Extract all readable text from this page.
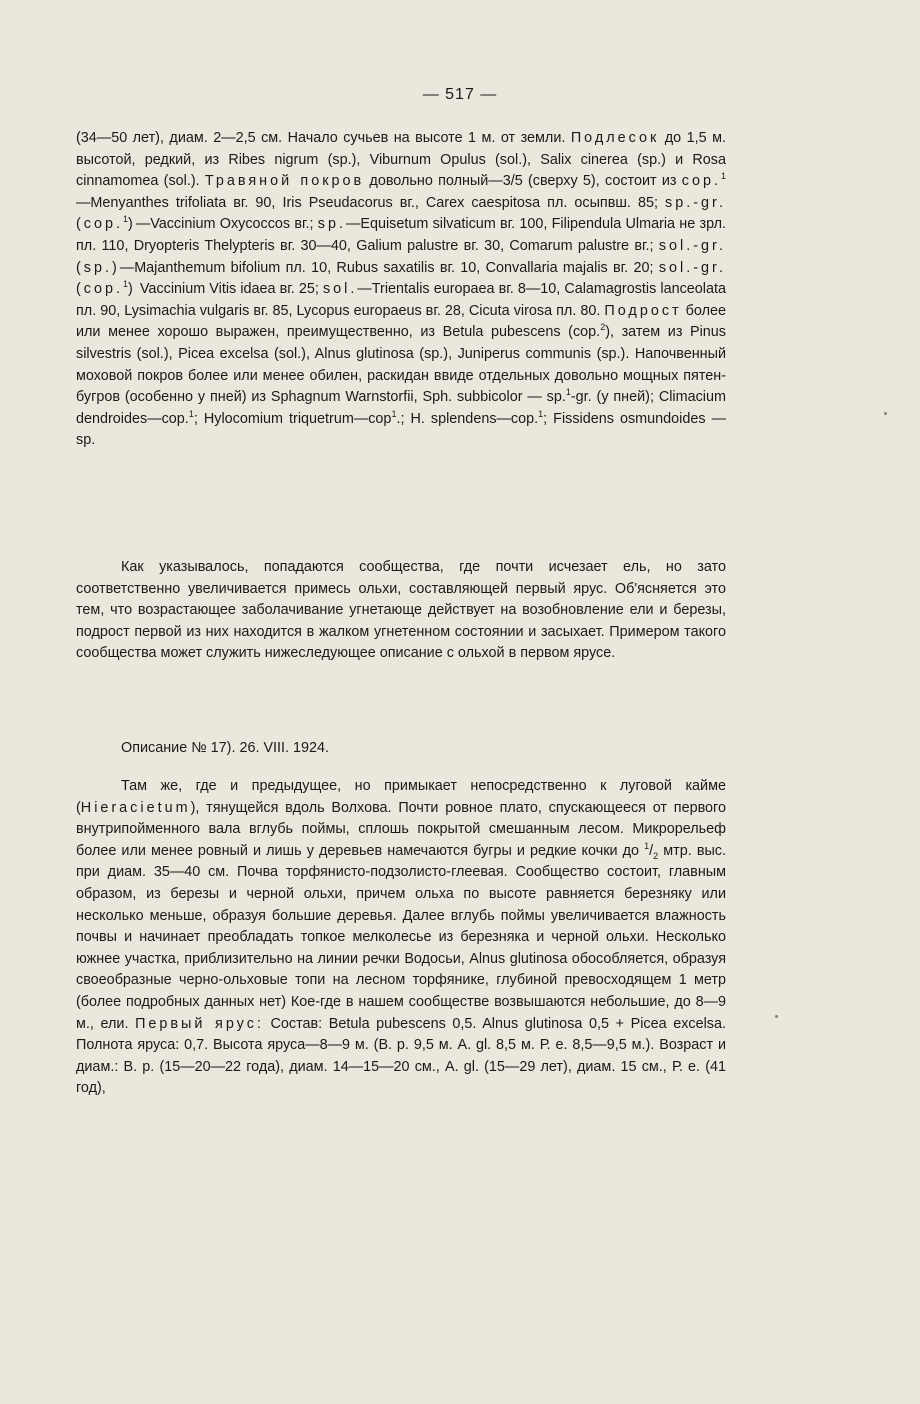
— 517 —
(34—50 лет), диам. 2—2,5 см. Начало сучьев на высоте 1 м. от земли. Подлесок до 1,5 м. высотой, редкий, из Ribes nigrum (sp.), Viburnum Opulus (sol.), Salix cinerea (sp.) и Rosa cinnamomea (sol.). Травяной покров довольно полный—3/5 (сверху 5), состоит из cop.$^1$—Menyanthes trifoliata вг. 90, Iris Pseudacorus вг., Carex caespitosa пл. осыпвш. 85; sp.-gr. (cop.$^1$)—Vaccinium Oxycoccos вг.; sp.—Equisetum silvaticum вг. 100, Filipendula Ulmaria не зрл. пл. 110, Dryopteris Thelypteris вг. 30—40, Galium palustre вг. 30, Comarum palustre вг.; sol.-gr. (sp.)—Majanthemum bifolium пл. 10, Rubus saxatilis вг. 10, Convallaria majalis вг. 20; sol.-gr. (cop.$^1$) Vaccinium Vitis idaea вг. 25; sol.—Trientalis europaea вг. 8—10, Calamagrostis lanceolata пл. 90, Lysimachia vulgaris вг. 85, Lycopus europaeus вг. 28, Cicuta virosa пл. 80. Подрост более или менее хорошо выражен, преимущественно, из Betula pubescens (cop.$^2$), затем из Pinus silvestris (sol.), Picea excelsa (sol.), Alnus glutinosa (sp.), Juniperus communis (sp.). Напочвенный моховой покров более или менее обилен, раскидан ввиде отдельных довольно мощных пятен-бугров (особенно у пней) из Sphagnum Warnstorfii, Sph. subbicolor — sp.$^1$-gr. (у пней); Climacium dendroides—cop.$^1$; Hylocomium triquetrum—cop$^1$.; H. splendens—cop.$^1$; Fissidens osmundoides — sp.
Как указывалось, попадаются сообщества, где почти исчезает ель, но зато соответственно увеличивается примесь ольхи, составляющей первый ярус. Об'ясняется это тем, что возрастающее заболачивание угнетающе действует на возобновление ели и березы, подрост первой из них находится в жалком угнетенном состоянии и засыхает. Примером такого сообщества может служить нижеследующее описание с ольхой в первом ярусе.
Описание № 17). 26. VIII. 1924.
Там же, где и предыдущее, но примыкает непосредственно к луговой кайме (Hieracietum), тянущейся вдоль Волхова. Почти ровное плато, спускающееся от первого внутрипойменного вала вглубь поймы, сплошь покрытой смешанным лесом. Микрорельеф более или менее ровный и лишь у деревьев намечаются бугры и редкие кочки до $^1/_2$ мтр. выс. при диам. 35—40 см. Почва торфянисто-подзолисто-глеевая. Сообщество состоит, главным образом, из березы и черной ольхи, причем ольха по высоте равняется березняку или несколько меньше, образуя большие деревья. Далее вглубь поймы увеличивается влажность почвы и начинает преобладать топкое мелколесье из березняка и черной ольхи. Несколько южнее участка, приблизительно на линии речки Водосьи, Alnus glutinosa обособляется, образуя своеобразные черно-ольховые топи на лесном торфянике, глубиной превосходящем 1 метр (более подробных данных нет) Кое-где в нашем сообществе возвышаются небольшие, до 8—9 м., ели. Первый ярус: Состав: Betula pubescens 0,5. Alnus glutinosa 0,5 + Picea excelsa. Полнота яруса: 0,7. Высота яруса—8—9 м. (В. р. 9,5 м. А. gl. 8,5 м. Р. е. 8,5—9,5 м.). Возраст и диам.: В. р. (15—20—22 года), диам. 14—15—20 см., А. gl. (15—29 лет), диам. 15 см., Р. е. (41 год),
